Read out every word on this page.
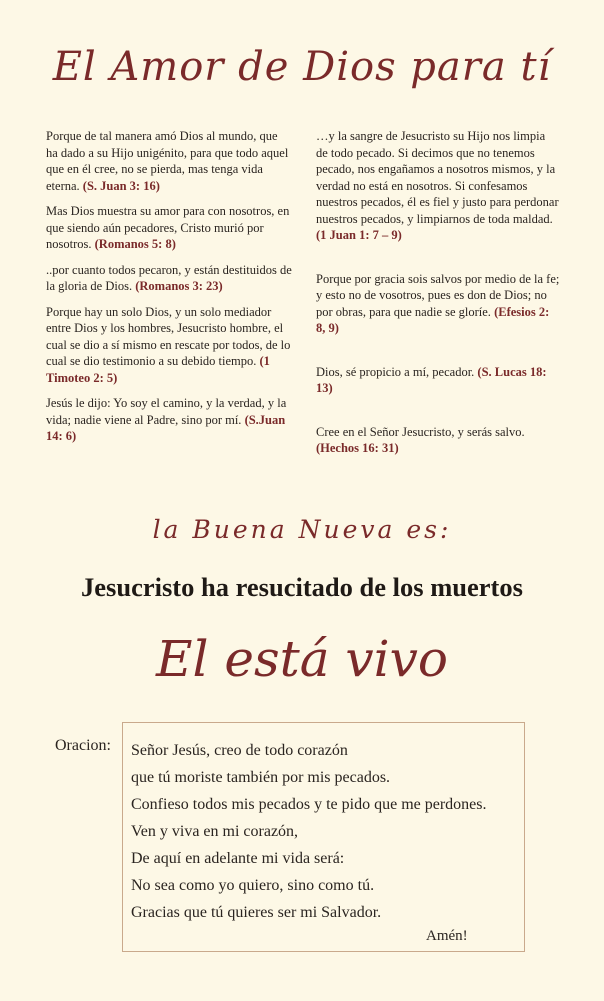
El Amor de Dios para tí

Porque de tal manera amó Dios al mundo, que ha dado a su Hijo unigénito, para que todo aquel que en él cree, no se pierda, mas tenga vida eterna. (S. Juan 3: 16)

Mas Dios muestra su amor para con nosotros, en que siendo aún pecadores, Cristo murió por nosotros. (Romanos 5: 8)

..por cuanto todos pecaron, y están destituidos de la gloria de Dios. (Romanos 3: 23)

Porque hay un solo Dios, y un solo mediador entre Dios y los hombres, Jesucristo hombre, el cual se dio a sí mismo en rescate por todos, de lo cual se dio testimonio a su debido tiempo. (1 Timoteo 2: 5)

Jesús le dijo: Yo soy el camino, y la verdad, y la vida; nadie viene al Padre, sino por mí. (S.Juan 14: 6)

…y la sangre de Jesucristo su Hijo nos limpia de todo pecado. Si decimos que no tenemos pecado, nos engañamos a nosotros mismos, y la verdad no está en nosotros. Si confesamos nuestros pecados, él es fiel y justo para perdonar nuestros pecados, y limpiarnos de toda maldad. (1 Juan 1: 7 – 9)

Porque por gracia sois salvos por medio de la fe; y esto no de vosotros, pues es don de Dios; no por obras, para que nadie se gloríe. (Efesios 2: 8, 9)

Dios, sé propicio a mí, pecador. (S. Lucas 18: 13)

Cree en el Señor Jesucristo, y serás salvo. (Hechos 16: 31)

la Buena Nueva es:
Jesucristo ha resucitado de los muertos
El está vivo
Oracion: Señor Jesús, creo de todo corazón
que tú moriste también por mis pecados.
Confieso todos mis pecados y te pido que me perdones.
Ven y viva en mi corazón,
De aquí en adelante mi vida será:
No sea como yo quiero, sino como tú.
Gracias que tú quieres ser mi Salvador.
Amén!
